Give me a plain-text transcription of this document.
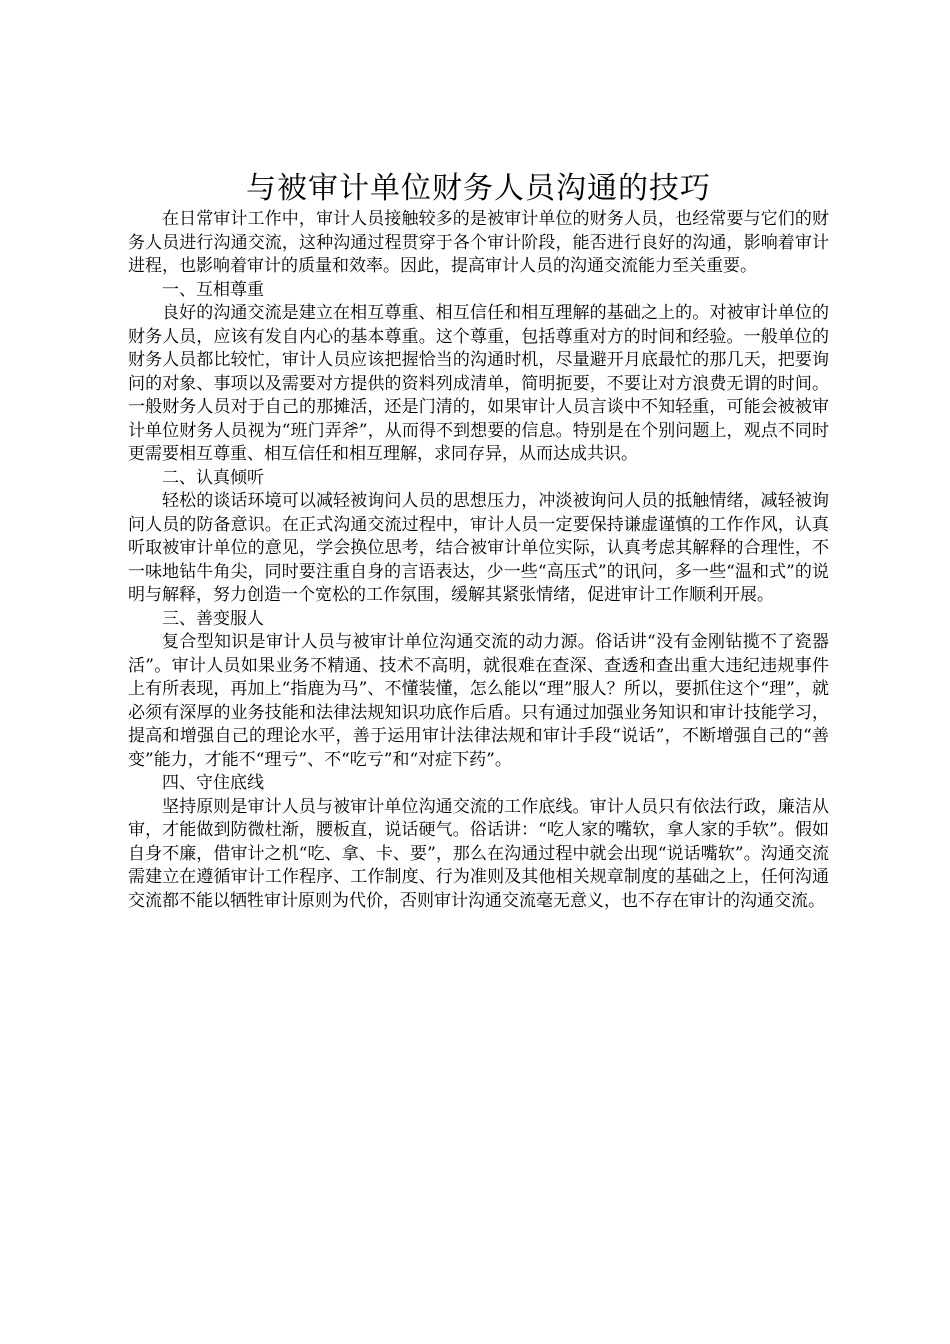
与被审计单位财务人员沟通的技巧

在日常审计工作中，审计人员接触较多的是被审计单位的财务人员，也经常要与它们的财务人员进行沟通交流，这种沟通过程贯穿于各个审计阶段，能否进行良好的沟通，影响着审计进程，也影响着审计的质量和效率。因此，提高审计人员的沟通交流能力至关重要。

一、互相尊重

良好的沟通交流是建立在相互尊重、相互信任和相互理解的基础之上的。对被审计单位的财务人员，应该有发自内心的基本尊重。这个尊重，包括尊重对方的时间和经验。一般单位的财务人员都比较忙，审计人员应该把握恰当的沟通时机，尽量避开月底最忙的那几天，把要询问的对象、事项以及需要对方提供的资料列成清单，简明扼要，不要让对方浪费无谓的时间。一般财务人员对于自己的那摊活，还是门清的，如果审计人员言谈中不知轻重，可能会被被审计单位财务人员视为“班门弄斧”，从而得不到想要的信息。特别是在个别问题上，观点不同时更需要相互尊重、相互信任和相互理解，求同存异，从而达成共识。

二、认真倾听

轻松的谈话环境可以减轻被询问人员的思想压力，冲淡被询问人员的抵触情绪，减轻被询问人员的防备意识。在正式沟通交流过程中，审计人员一定要保持谦虚谨慎的工作作风，认真听取被审计单位的意见，学会换位思考，结合被审计单位实际，认真考虑其解释的合理性，不一味地钻牛角尖，同时要注重自身的言语表达，少一些“高压式”的讯问，多一些“温和式”的说明与解释，努力创造一个宽松的工作氛围，缓解其紧张情绪，促进审计工作顺利开展。

三、善变服人

复合型知识是审计人员与被审计单位沟通交流的动力源。俗话讲“没有金刚钻揽不了瓷器活”。审计人员如果业务不精通、技术不高明，就很难在查深、查透和查出重大违纪违规事件上有所表现，再加上“指鹿为马”、不懂装懂，怎么能以“理”服人？所以，要抓住这个“理”，就必须有深厚的业务技能和法律法规知识功底作后盾。只有通过加强业务知识和审计技能学习，提高和增强自己的理论水平，善于运用审计法律法规和审计手段“说话”，不断增强自己的“善变”能力，才能不“理亏”、不“吃亏”和“对症下药”。

四、守住底线

坚持原则是审计人员与被审计单位沟通交流的工作底线。审计人员只有依法行政，廉洁从审，才能做到防微杜渐，腰板直，说话硬气。俗话讲：“吃人家的嘴软，拿人家的手软”。假如自身不廉，借审计之机“吃、拿、卡、要”，那么在沟通过程中就会出现“说话嘴软”。沟通交流需建立在遵循审计工作程序、工作制度、行为准则及其他相关规章制度的基础之上，任何沟通交流都不能以牺牲审计原则为代价，否则审计沟通交流毫无意义，也不存在审计的沟通交流。
